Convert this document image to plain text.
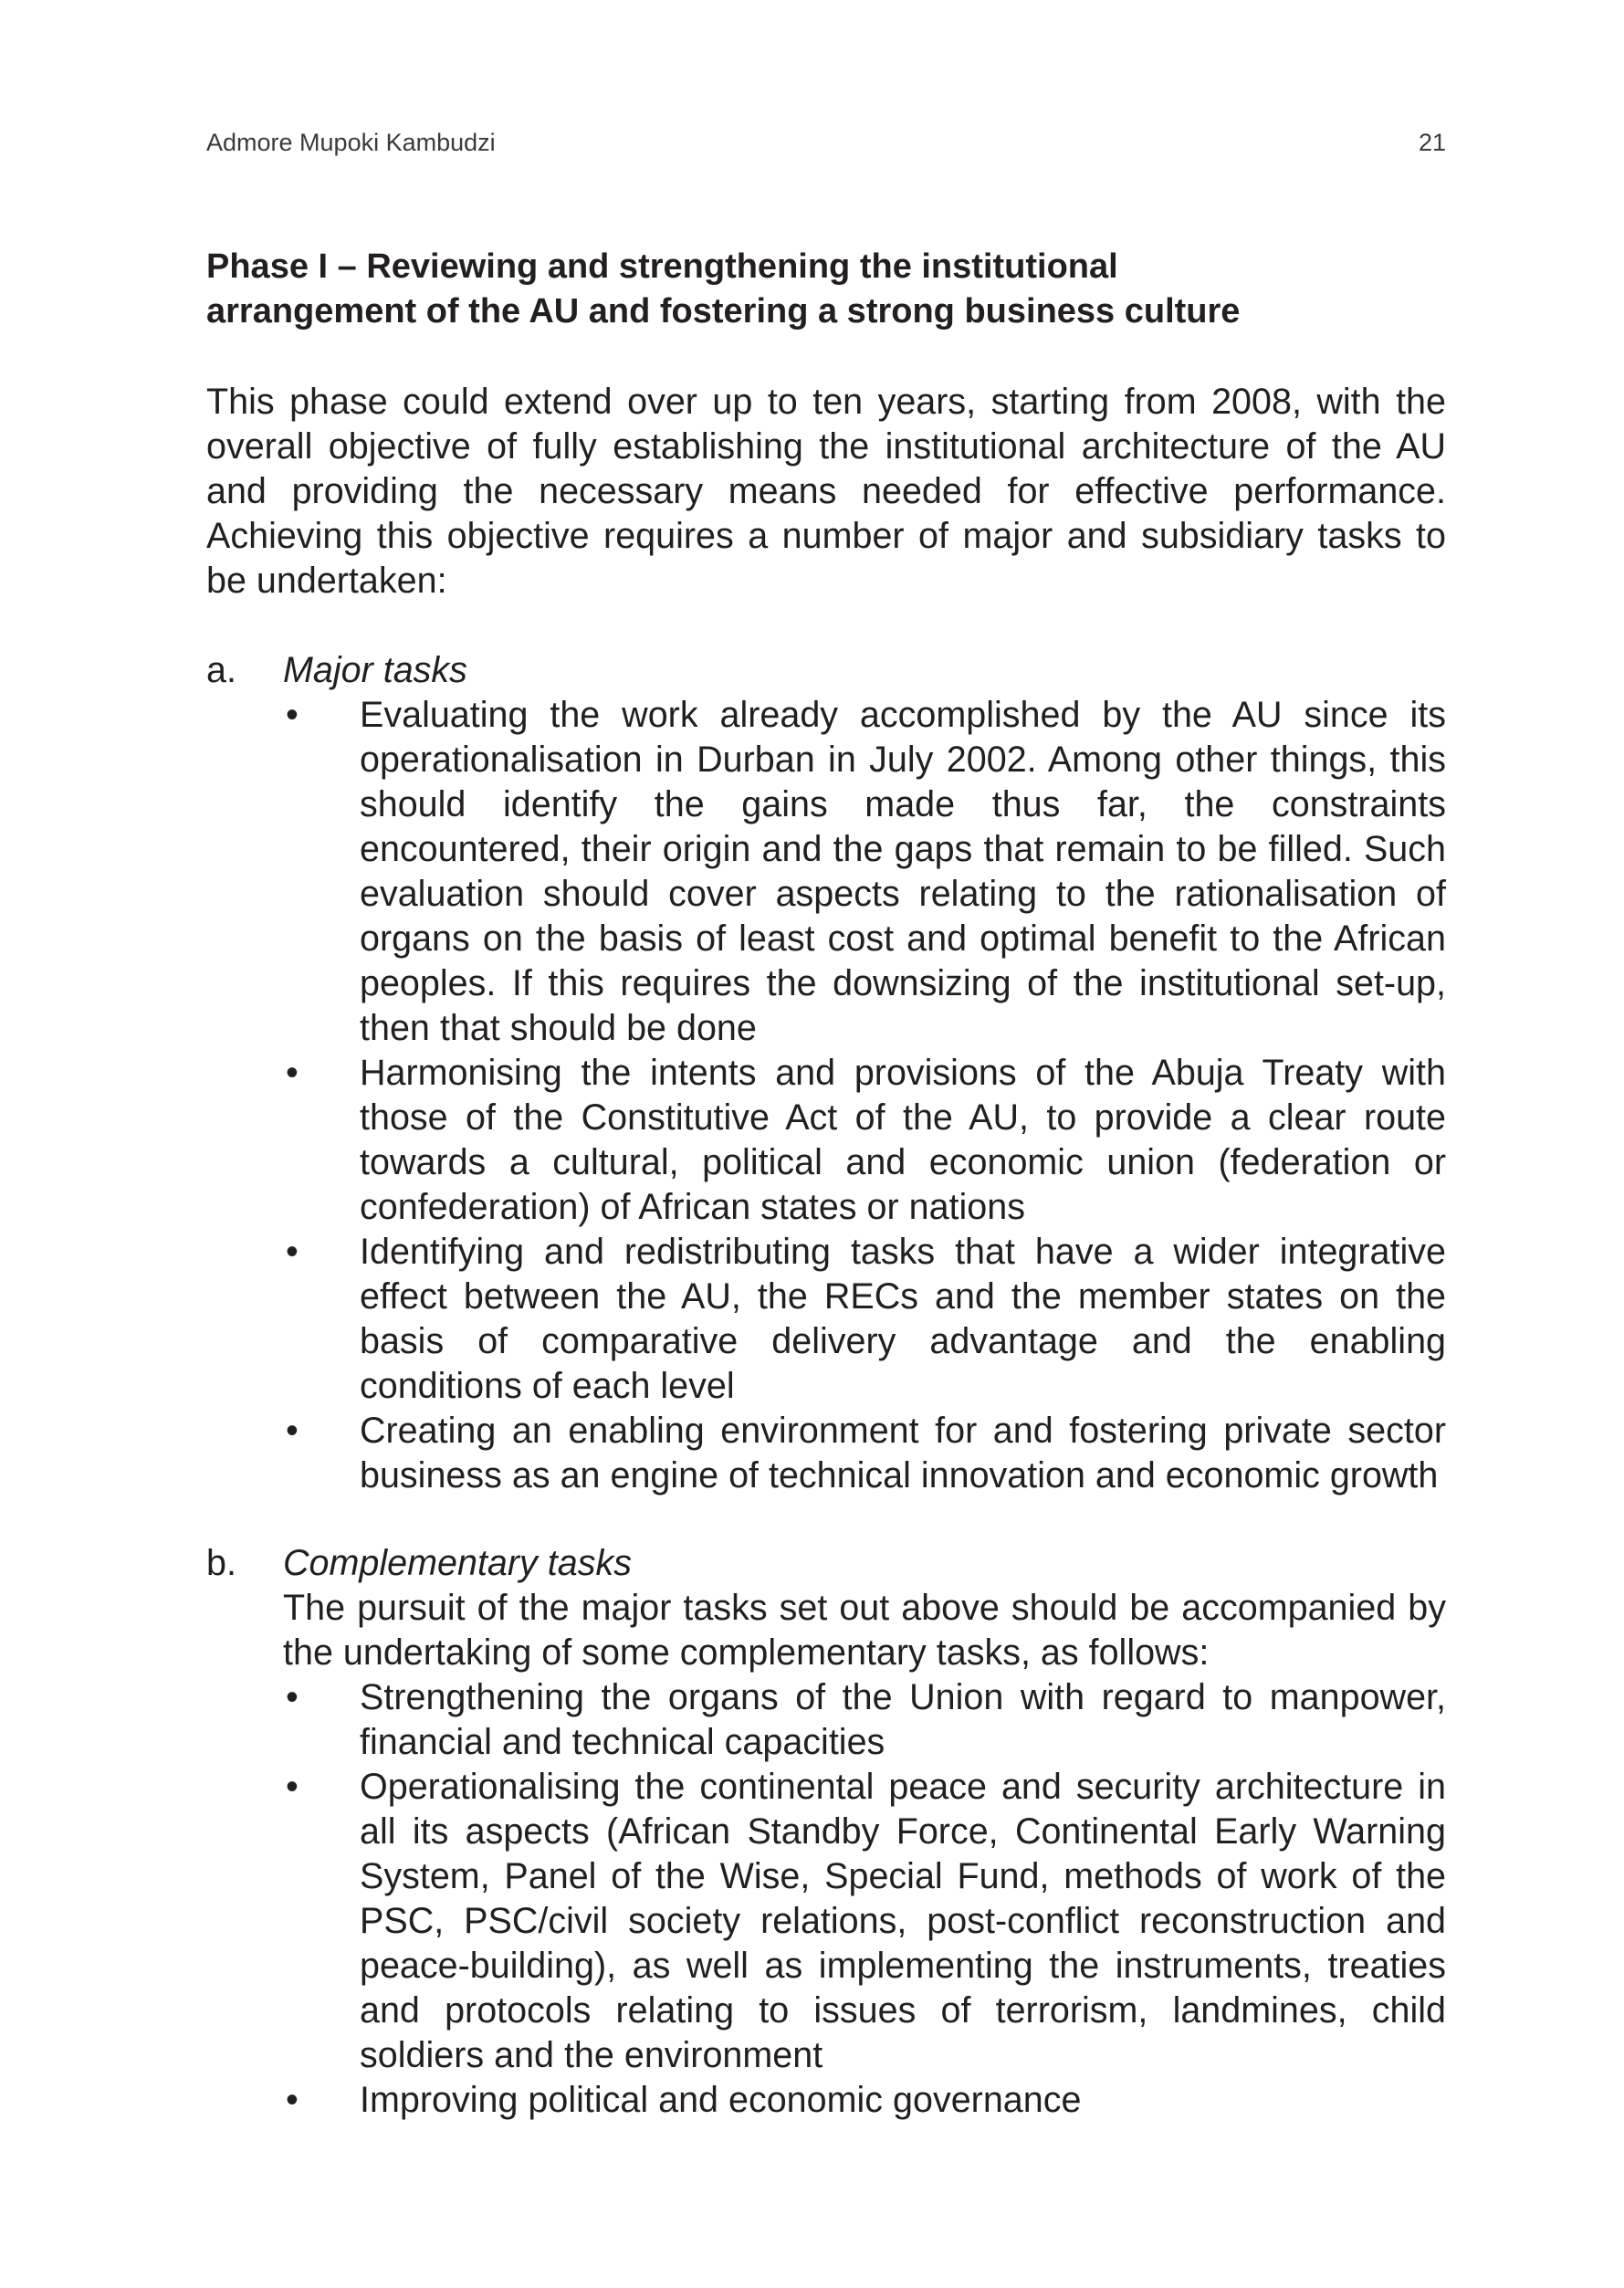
Admore Mupoki Kambudzi	21
Phase I – Reviewing and strengthening the institutional
arrangement of the AU and fostering a strong business culture

This phase could extend over up to ten years, starting from 2008, with the overall objective of fully establishing the institutional architecture of the AU and providing the necessary means needed for effective performance. Achieving this objective requires a number of major and subsidiary tasks to be undertaken:

a. Major tasks
• Evaluating the work already accomplished by the AU since its operationalisation in Durban in July 2002. Among other things, this should identify the gains made thus far, the constraints encountered, their origin and the gaps that remain to be filled. Such evaluation should cover aspects relating to the rationalisation of organs on the basis of least cost and optimal benefit to the African peoples. If this requires the downsizing of the institutional set-up, then that should be done

• Harmonising the intents and provisions of the Abuja Treaty with those of the Constitutive Act of the AU, to provide a clear route towards a cultural, political and economic union (federation or confederation) of African states or nations

• Identifying and redistributing tasks that have a wider integrative effect between the AU, the RECs and the member states on the basis of comparative delivery advantage and the enabling conditions of each level

• Creating an enabling environment for and fostering private sector business as an engine of technical innovation and economic growth

b. Complementary tasks

The pursuit of the major tasks set out above should be accompanied by the undertaking of some complementary tasks, as follows:

• Strengthening the organs of the Union with regard to manpower, financial and technical capacities

• Operationalising the continental peace and security architecture in all its aspects (African Standby Force, Continental Early Warning System, Panel of the Wise, Special Fund, methods of work of the PSC, PSC/civil society relations, post-conflict reconstruction and peace-building), as well as implementing the instruments, treaties and protocols relating to issues of terrorism, landmines, child soldiers and the environment

• Improving political and economic governance
